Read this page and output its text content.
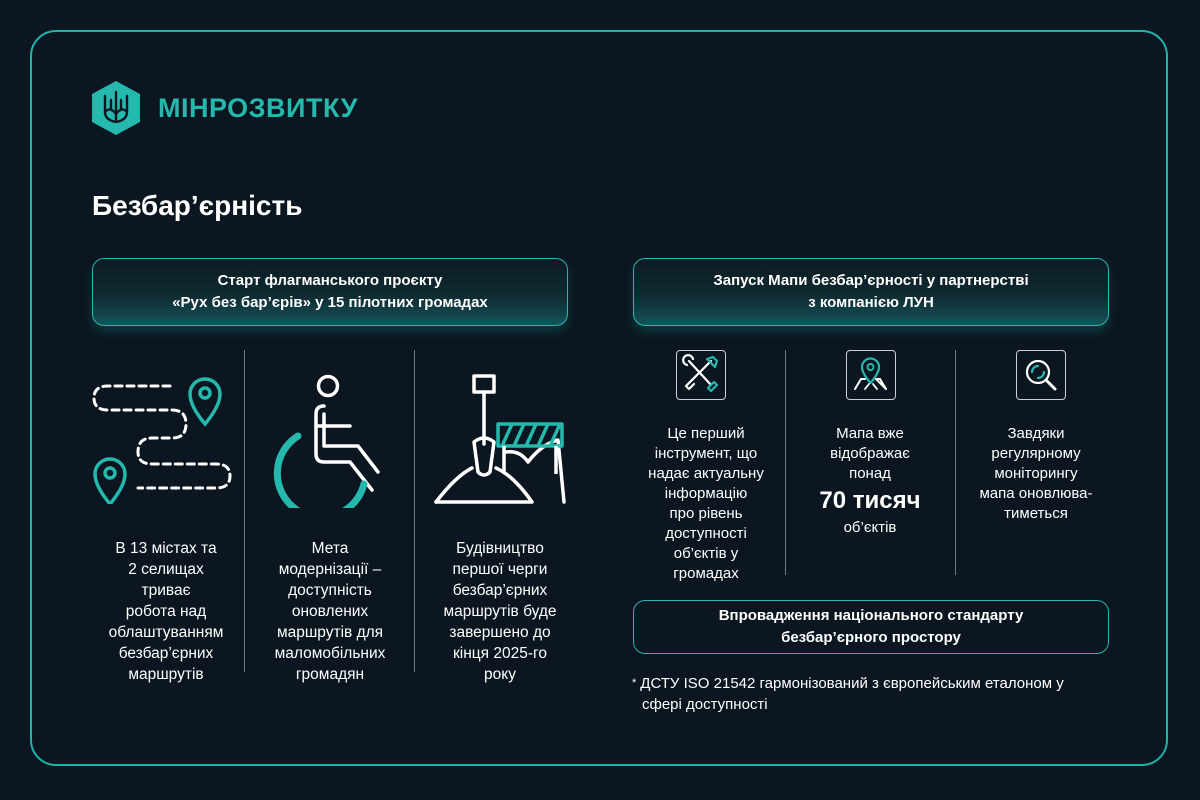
МІНРОЗВИТКУ
Безбар’єрність
Старт флагманського проєкту
«Рух без бар’єрів» у 15 пілотних громадах
Запуск Мапи безбар’єрності у партнерстві
з компанією ЛУН
В 13 містах та
2 селищах
триває
робота над
облаштуванням
безбар’єрних
маршрутів
Мета
модернізації –
доступність
оновлених
маршрутів для
маломобільних
громадян
Будівництво
першої черги
безбар’єрних
маршрутів буде
завершено до
кінця 2025-го
року
Це перший
інструмент, що
надає актуальну
інформацію
про рівень
доступності
об’єктів у
громадах
Мапа вже
відображає
понад
70 тисяч
об’єктів
Завдяки
регулярному
моніторингу
мапа оновлюва-
тиметься
Впровадження національного стандарту
безбар’єрного простору
* ДСТУ ISO 21542 гармонізований з європейським еталоном у
сфері доступності
